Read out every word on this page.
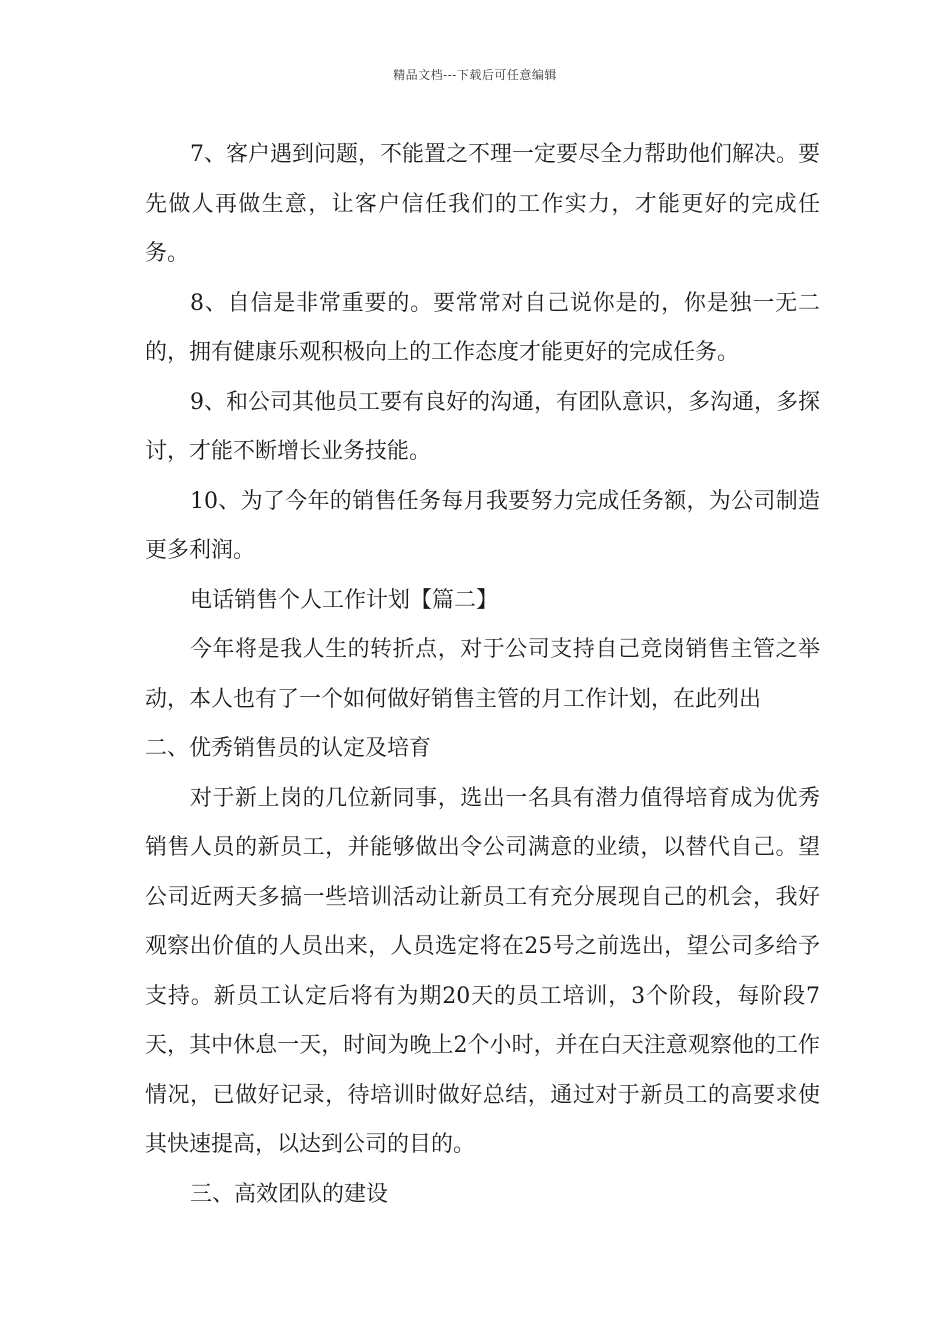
精品文档---下载后可任意编辑

7、客户遇到问题，不能置之不理一定要尽全力帮助他们解决。要先做人再做生意，让客户信任我们的工作实力，才能更好的完成任务。

8、自信是非常重要的。要常常对自己说你是的，你是独一无二的，拥有健康乐观积极向上的工作态度才能更好的完成任务。

9、和公司其他员工要有良好的沟通，有团队意识，多沟通，多探讨，才能不断增长业务技能。

10、为了今年的销售任务每月我要努力完成任务额，为公司制造更多利润。

电话销售个人工作计划【篇二】

今年将是我人生的转折点，对于公司支持自己竞岗销售主管之举动，本人也有了一个如何做好销售主管的月工作计划，在此列出

二、优秀销售员的认定及培育

对于新上岗的几位新同事，选出一名具有潜力值得培育成为优秀销售人员的新员工，并能够做出令公司满意的业绩，以替代自己。望公司近两天多搞一些培训活动让新员工有充分展现自己的机会，我好观察出价值的人员出来，人员选定将在25号之前选出，望公司多给予支持。新员工认定后将有为期20天的员工培训，3个阶段，每阶段7天，其中休息一天，时间为晚上2个小时，并在白天注意观察他的工作情况，已做好记录，待培训时做好总结，通过对于新员工的高要求使其快速提高，以达到公司的目的。

三、高效团队的建设
